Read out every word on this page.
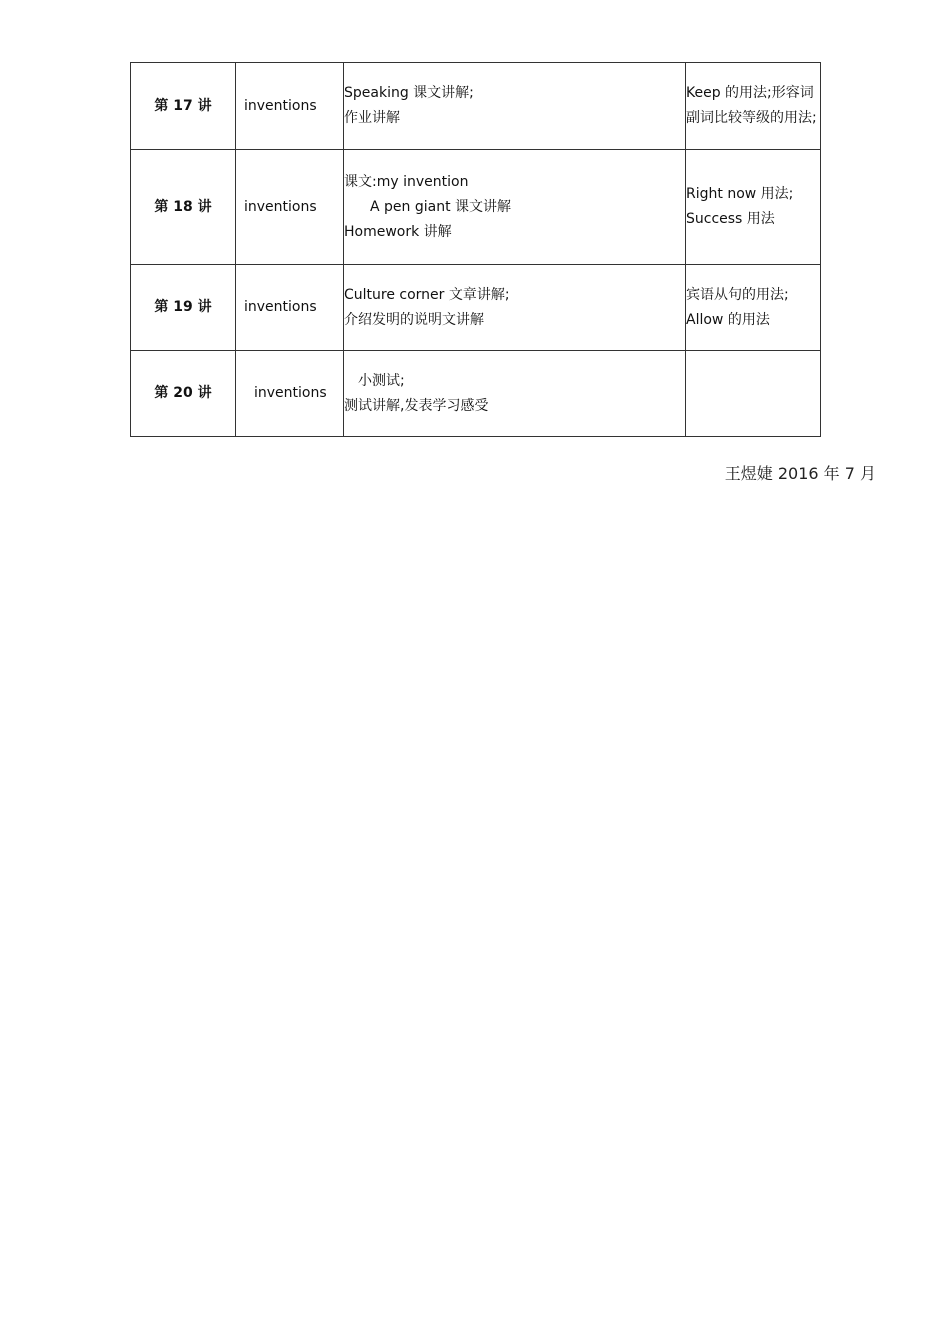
第 17 讲	inventions	Speaking 课文讲解;
作业讲解	Keep 的用法;形容词副词比较等级的用法;

第 18 讲	inventions	课文:my invention
A pen giant 课文讲解
Homework 讲解	Right now 用法;
Success 用法

第 19 讲	inventions	Culture corner 文章讲解;
介绍发明的说明文讲解	宾语从句的用法;
Allow 的用法

第 20 讲	inventions	小测试;
测试讲解,发表学习感受	

王煜婕 2016 年 7 月
